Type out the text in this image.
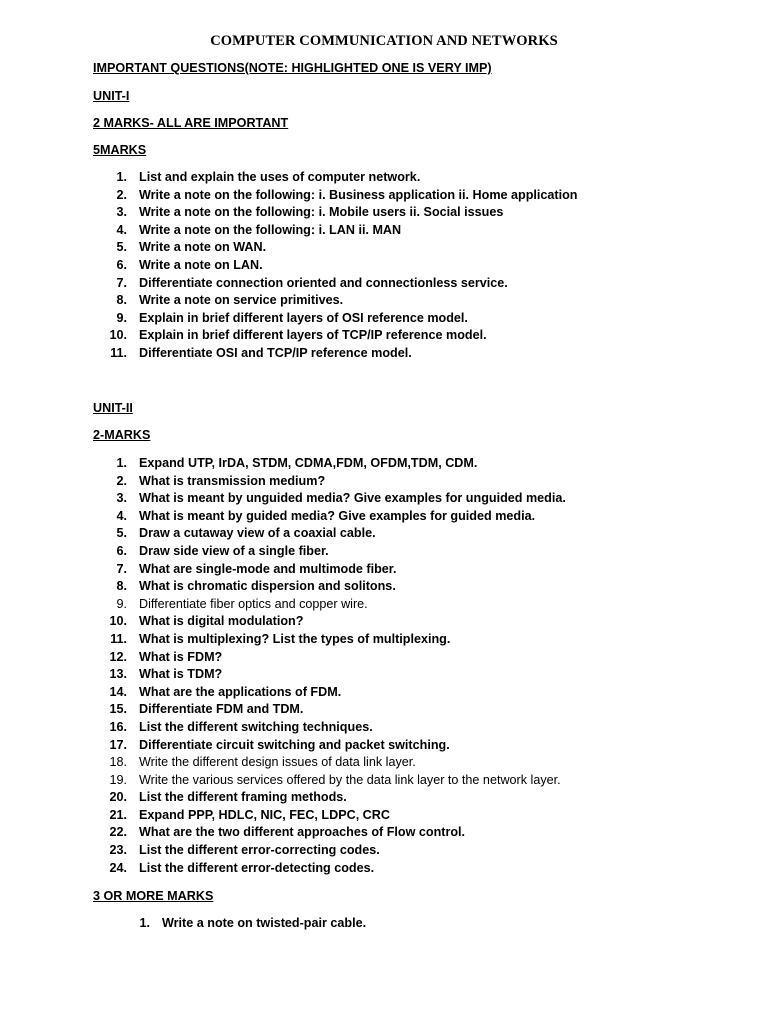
COMPUTER COMMUNICATION AND NETWORKS
IMPORTANT QUESTIONS(NOTE: HIGHLIGHTED ONE IS VERY IMP)
UNIT-I
2 MARKS- ALL ARE IMPORTANT
5MARKS
1. List and explain the uses of computer network.
2. Write a note on the following: i. Business application ii. Home application
3. Write a note on the following: i. Mobile users ii. Social issues
4. Write a note on the following: i. LAN ii. MAN
5. Write a note on WAN.
6. Write a note on LAN.
7. Differentiate connection oriented and connectionless service.
8. Write a note on service primitives.
9. Explain in brief different layers of OSI reference model.
10. Explain in brief different layers of TCP/IP reference model.
11. Differentiate OSI and TCP/IP reference model.
UNIT-II
2-MARKS
1. Expand UTP, IrDA, STDM, CDMA,FDM, OFDM,TDM, CDM.
2. What is transmission medium?
3. What is meant by unguided media? Give examples for unguided media.
4. What is meant by guided media? Give examples for guided media.
5. Draw a cutaway view of a coaxial cable.
6. Draw side view of a single fiber.
7. What are single-mode and multimode fiber.
8. What is chromatic dispersion and solitons.
9. Differentiate fiber optics and copper wire.
10. What is digital modulation?
11. What is multiplexing? List the types of multiplexing.
12. What is FDM?
13. What is TDM?
14. What are the applications of FDM.
15. Differentiate FDM and TDM.
16. List the different switching techniques.
17. Differentiate circuit switching and packet switching.
18. Write the different design issues of data link layer.
19. Write the various services offered by the data link layer to the network layer.
20. List the different framing methods.
21. Expand PPP, HDLC, NIC, FEC, LDPC, CRC
22. What are the two different approaches of Flow control.
23. List the different error-correcting codes.
24. List the different error-detecting codes.
3 OR MORE MARKS
1. Write a note on twisted-pair cable.
